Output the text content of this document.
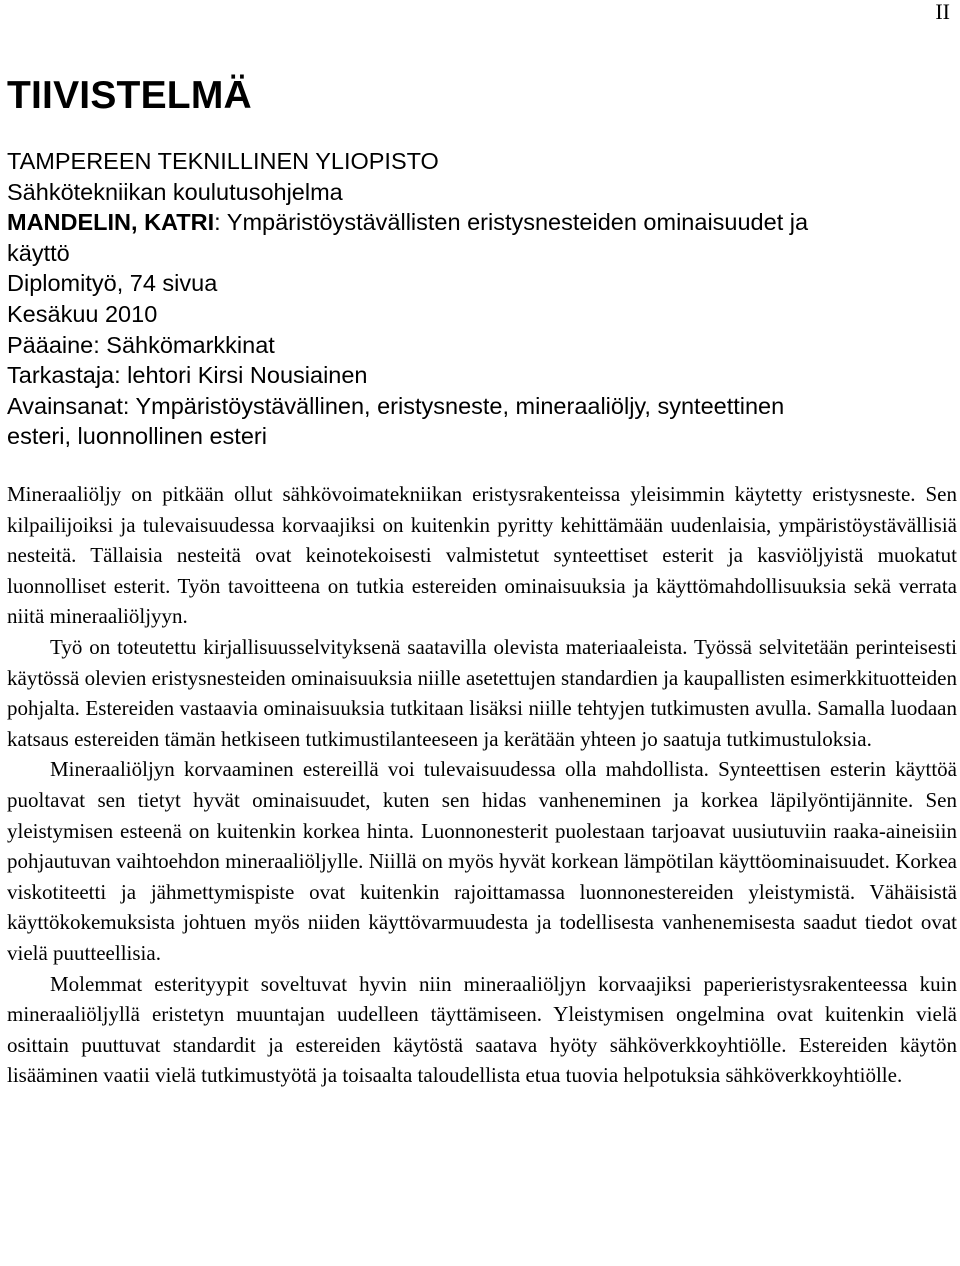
II
TIIVISTELMÄ
TAMPEREEN TEKNILLINEN YLIOPISTO
Sähkötekniikan koulutusohjelma
MANDELIN, KATRI: Ympäristöystävällisten eristysnesteiden ominaisuudet ja
käyttö
Diplomityö, 74 sivua
Kesäkuu 2010
Pääaine: Sähkömarkkinat
Tarkastaja: lehtori Kirsi Nousiainen
Avainsanat: Ympäristöystävällinen, eristysneste, mineraaliöljy, synteettinen
esteri, luonnollinen esteri

Mineraaliöljy on pitkään ollut sähkövoimatekniikan eristysrakenteissa yleisimmin käytetty eristysneste. Sen kilpailijoiksi ja tulevaisuudessa korvaajiksi on kuitenkin pyritty kehittämään uudenlaisia, ympäristöystävällisiä nesteitä. Tällaisia nesteitä ovat keinotekoisesti valmistetut synteettiset esterit ja kasviöljyistä muokatut luonnolliset esterit. Työn tavoitteena on tutkia estereiden ominaisuuksia ja käyttömahdollisuuksia sekä verrata niitä mineraaliöljyyn.

Työ on toteutettu kirjallisuusselvityksenä saatavilla olevista materiaaleista. Työssä selvitetään perinteisesti käytössä olevien eristysnesteiden ominaisuuksia niille asetettujen standardien ja kaupallisten esimerkkituotteiden pohjalta. Estereiden vastaavia ominaisuuksia tutkitaan lisäksi niille tehtyjen tutkimusten avulla. Samalla luodaan katsaus estereiden tämän hetkiseen tutkimustilanteeseen ja kerätään yhteen jo saatuja tutkimustuloksia.

Mineraaliöljyn korvaaminen estereillä voi tulevaisuudessa olla mahdollista. Synteettisen esterin käyttöä puoltavat sen tietyt hyvät ominaisuudet, kuten sen hidas vanheneminen ja korkea läpilyöntijännite. Sen yleistymisen esteenä on kuitenkin korkea hinta. Luonnonesterit puolestaan tarjoavat uusiutuviin raaka-aineisiin pohjautuvan vaihtoehdon mineraaliöljylle. Niillä on myös hyvät korkean lämpötilan käyttöominaisuudet. Korkea viskotiteetti ja jähmettymispiste ovat kuitenkin rajoittamassa luonnonestereiden yleistymistä. Vähäisistä käyttökokemuksista johtuen myös niiden käyttövarmuudesta ja todellisesta vanhenemisesta saadut tiedot ovat vielä puutteellisia.

Molemmat esterityypit soveltuvat hyvin niin mineraaliöljyn korvaajiksi paperieristysrakenteessa kuin mineraaliöljyllä eristetyn muuntajan uudelleen täyttämiseen. Yleistymisen ongelmina ovat kuitenkin vielä osittain puuttuvat standardit ja estereiden käytöstä saatava hyöty sähköverkkoyhtiölle. Estereiden käytön lisääminen vaatii vielä tutkimustyötä ja toisaalta taloudellista etua tuovia helpotuksia sähköverkkoyhtiölle.
